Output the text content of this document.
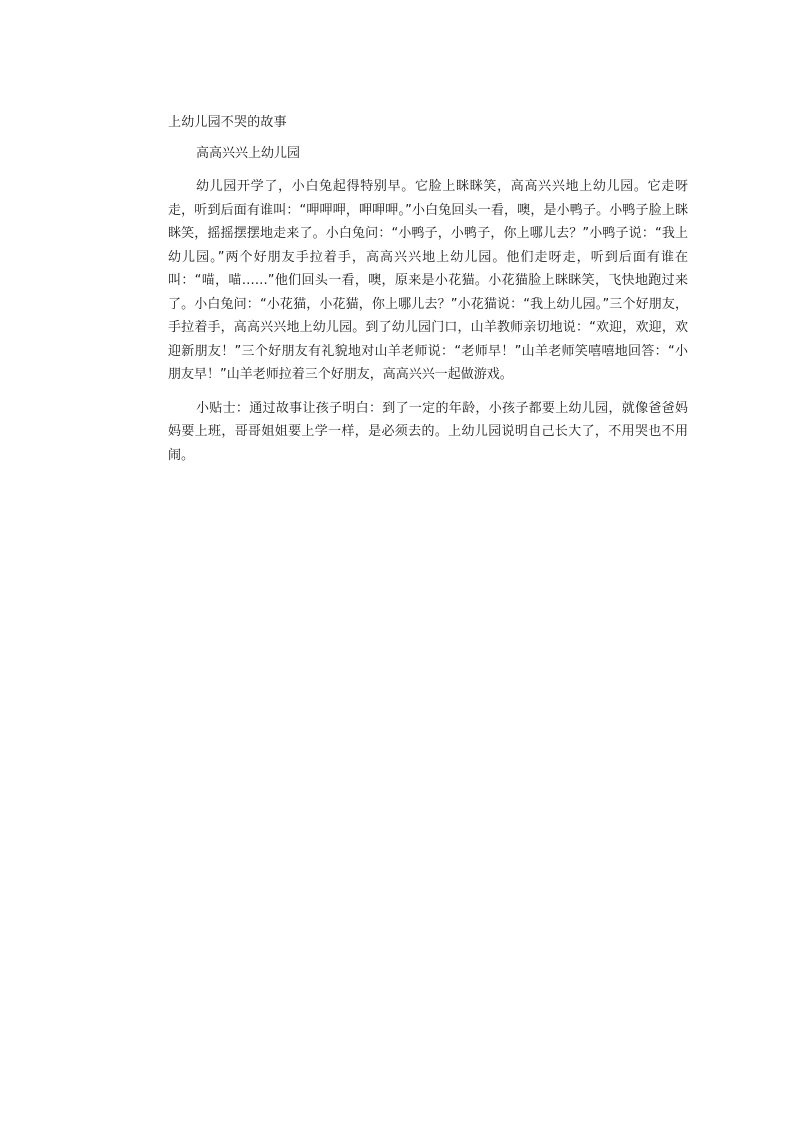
上幼儿园不哭的故事
高高兴兴上幼儿园

幼儿园开学了，小白兔起得特别早。它脸上眯眯笑，高高兴兴地上幼儿园。它走呀走，听到后面有谁叫：“呷呷呷，呷呷呷。”小白兔回头一看，噢，是小鸭子。小鸭子脸上眯眯笑，摇摇摆摆地走来了。小白兔问：“小鸭子，小鸭子，你上哪儿去？”小鸭子说：“我上幼儿园。”两个好朋友手拉着手，高高兴兴地上幼儿园。他们走呀走，听到后面有谁在叫：“喵，喵……”他们回头一看，噢，原来是小花猫。小花猫脸上眯眯笑，飞快地跑过来了。小白兔问：“小花猫，小花猫，你上哪儿去？”小花猫说：“我上幼儿园。”三个好朋友，手拉着手，高高兴兴地上幼儿园。到了幼儿园门口，山羊教师亲切地说：“欢迎，欢迎，欢迎新朋友！”三个好朋友有礼貌地对山羊老师说：“老师早！”山羊老师笑嘻嘻地回答：“小朋友早！”山羊老师拉着三个好朋友，高高兴兴一起做游戏。

小贴士：通过故事让孩子明白：到了一定的年龄，小孩子都要上幼儿园，就像爸爸妈妈要上班，哥哥姐姐要上学一样，是必须去的。上幼儿园说明自己长大了，不用哭也不用闹。
